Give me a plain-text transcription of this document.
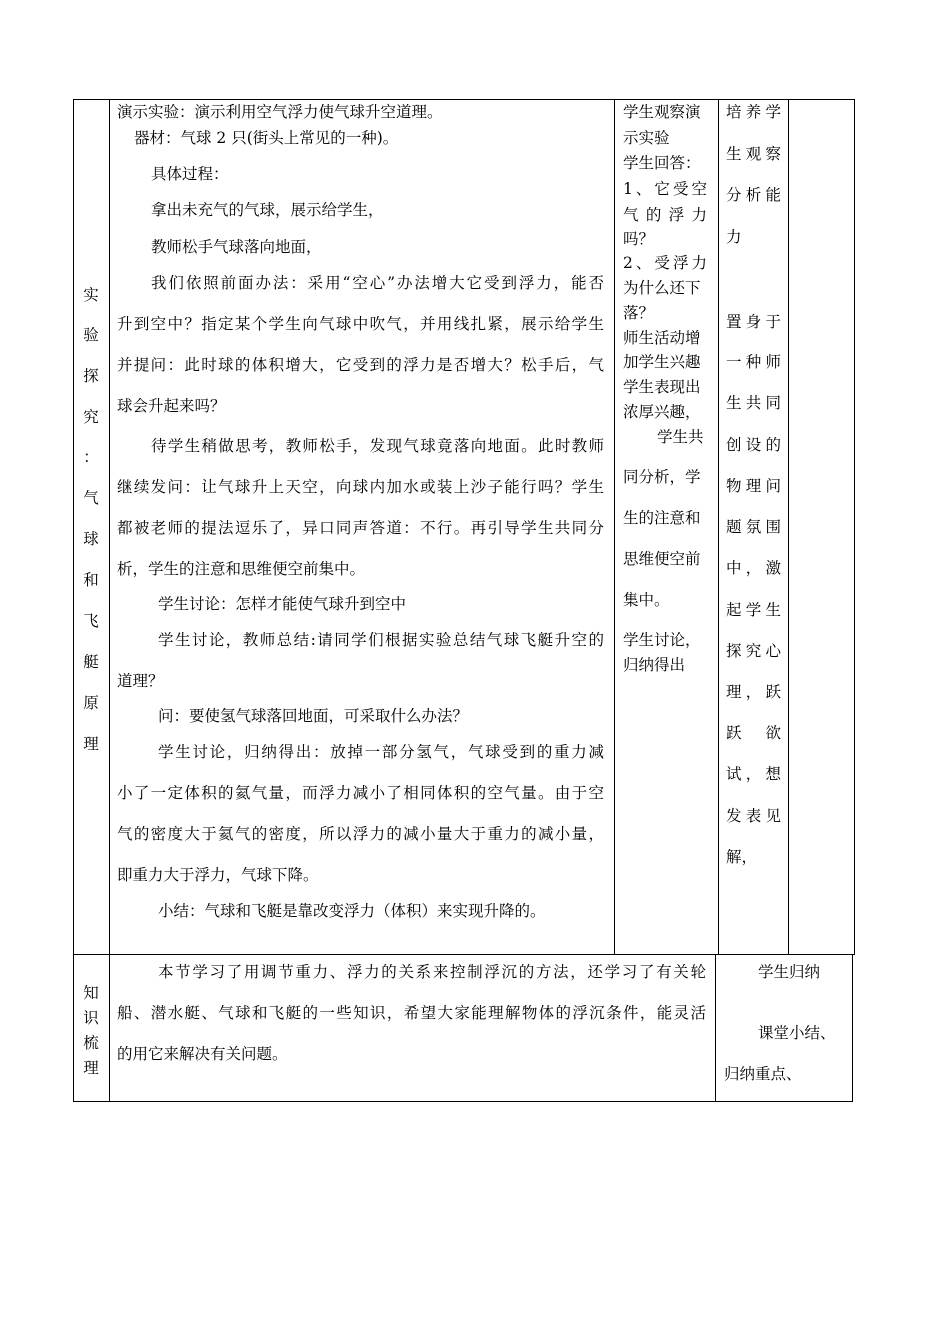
实
验
探
究
：
气
球
和
飞
艇
原
理
演示实验：演示利用空气浮力使气球升空道理。
器材：气球 2 只(街头上常见的一种)。
具体过程：
拿出未充气的气球，展示给学生，
教师松手气球落向地面，
我们依照前面办法：采用“空心”办法增大它受到浮力，能否
升到空中？指定某个学生向气球中吹气，并用线扎紧，展示给学生
并提问：此时球的体积增大，它受到的浮力是否增大？松手后，气
球会升起来吗？
待学生稍做思考，教师松手，发现气球竟落向地面。此时教师
继续发问：让气球升上天空，向球内加水或装上沙子能行吗？学生
都被老师的提法逗乐了，异口同声答道：不行。再引导学生共同分
析，学生的注意和思维便空前集中。
学生讨论：怎样才能使气球升到空中
学生讨论，教师总结:请同学们根据实验总结气球飞艇升空的
道理？
问：要使氢气球落回地面，可采取什么办法？
学生讨论，归纳得出：放掉一部分氢气，气球受到的重力减
小了一定体积的氦气量，而浮力减小了相同体积的空气量。由于空
气的密度大于氦气的密度，所以浮力的减小量大于重力的减小量，
即重力大于浮力，气球下降。
小结：气球和飞艇是靠改变浮力（体积）来实现升降的。
学生观察演
示实验
学生回答：
1、它受空
气 的 浮 力
吗？
2、受浮力
为什么还下
落？
师生活动增
加学生兴趣
学生表现出
浓厚兴趣，
学生共
同分析，学
生的注意和
思维便空前
集中。
学生讨论，
归纳得出
培养学
生观察
分析能
力
置身于
一种师
生共同
创设的
物理问
题氛围
中，激
起学生
探究心
理，跃
跃　欲
试，想
发表见
解，
知
识
梳
理
本节学习了用调节重力、浮力的关系来控制浮沉的方法，还学习了有关轮
船、潜水艇、气球和飞艇的一些知识，希望大家能理解物体的浮沉条件，能灵活
的用它来解决有关问题。
学生归纳
课堂小结、
归纳重点、
